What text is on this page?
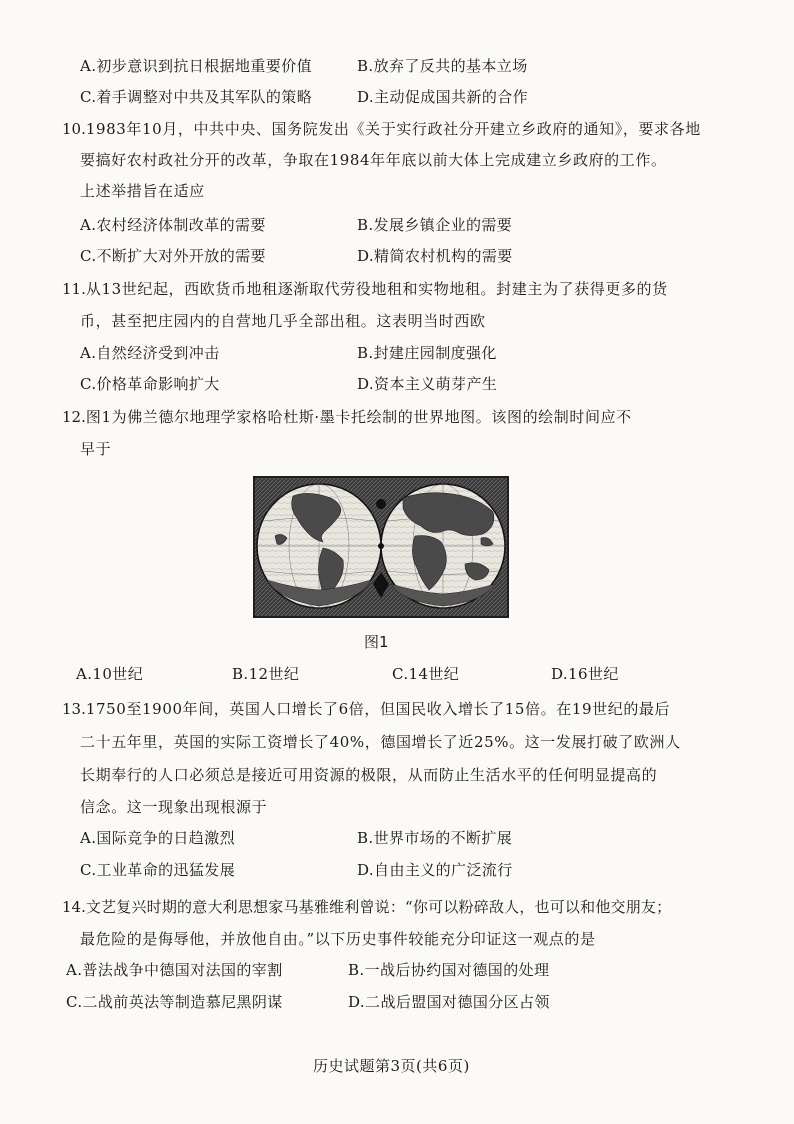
A.初步意识到抗日根据地重要价值	B.放弃了反共的基本立场
C.着手调整对中共及其军队的策略	D.主动促成国共新的合作
10.1983年10月，中共中央、国务院发出《关于实行政社分开建立乡政府的通知》，要求各地
要搞好农村政社分开的改革，争取在1984年年底以前大体上完成建立乡政府的工作。
上述举措旨在适应
A.农村经济体制改革的需要	B.发展乡镇企业的需要
C.不断扩大对外开放的需要	D.精简农村机构的需要
11.从13世纪起，西欧货币地租逐渐取代劳役地租和实物地租。封建主为了获得更多的货
币，甚至把庄园内的自营地几乎全部出租。这表明当时西欧
A.自然经济受到冲击	B.封建庄园制度强化
C.价格革命影响扩大	D.资本主义萌芽产生
12.图1为佛兰德尔地理学家格哈杜斯·墨卡托绘制的世界地图。该图的绘制时间应不
早于
图1
A.10世纪	B.12世纪	C.14世纪	D.16世纪
13.1750至1900年间，英国人口增长了6倍，但国民收入增长了15倍。在19世纪的最后
二十五年里，英国的实际工资增长了40%，德国增长了近25%。这一发展打破了欧洲人
长期奉行的人口必须总是接近可用资源的极限，从而防止生活水平的任何明显提高的
信念。这一现象出现根源于
A.国际竞争的日趋激烈	B.世界市场的不断扩展
C.工业革命的迅猛发展	D.自由主义的广泛流行
14.文艺复兴时期的意大利思想家马基雅维利曾说：“你可以粉碎敌人，也可以和他交朋友；
最危险的是侮辱他，并放他自由。”以下历史事件较能充分印证这一观点的是
A.普法战争中德国对法国的宰割	B.一战后协约国对德国的处理
C.二战前英法等制造慕尼黑阴谋	D.二战后盟国对德国分区占领
历史试题第3页(共6页)
